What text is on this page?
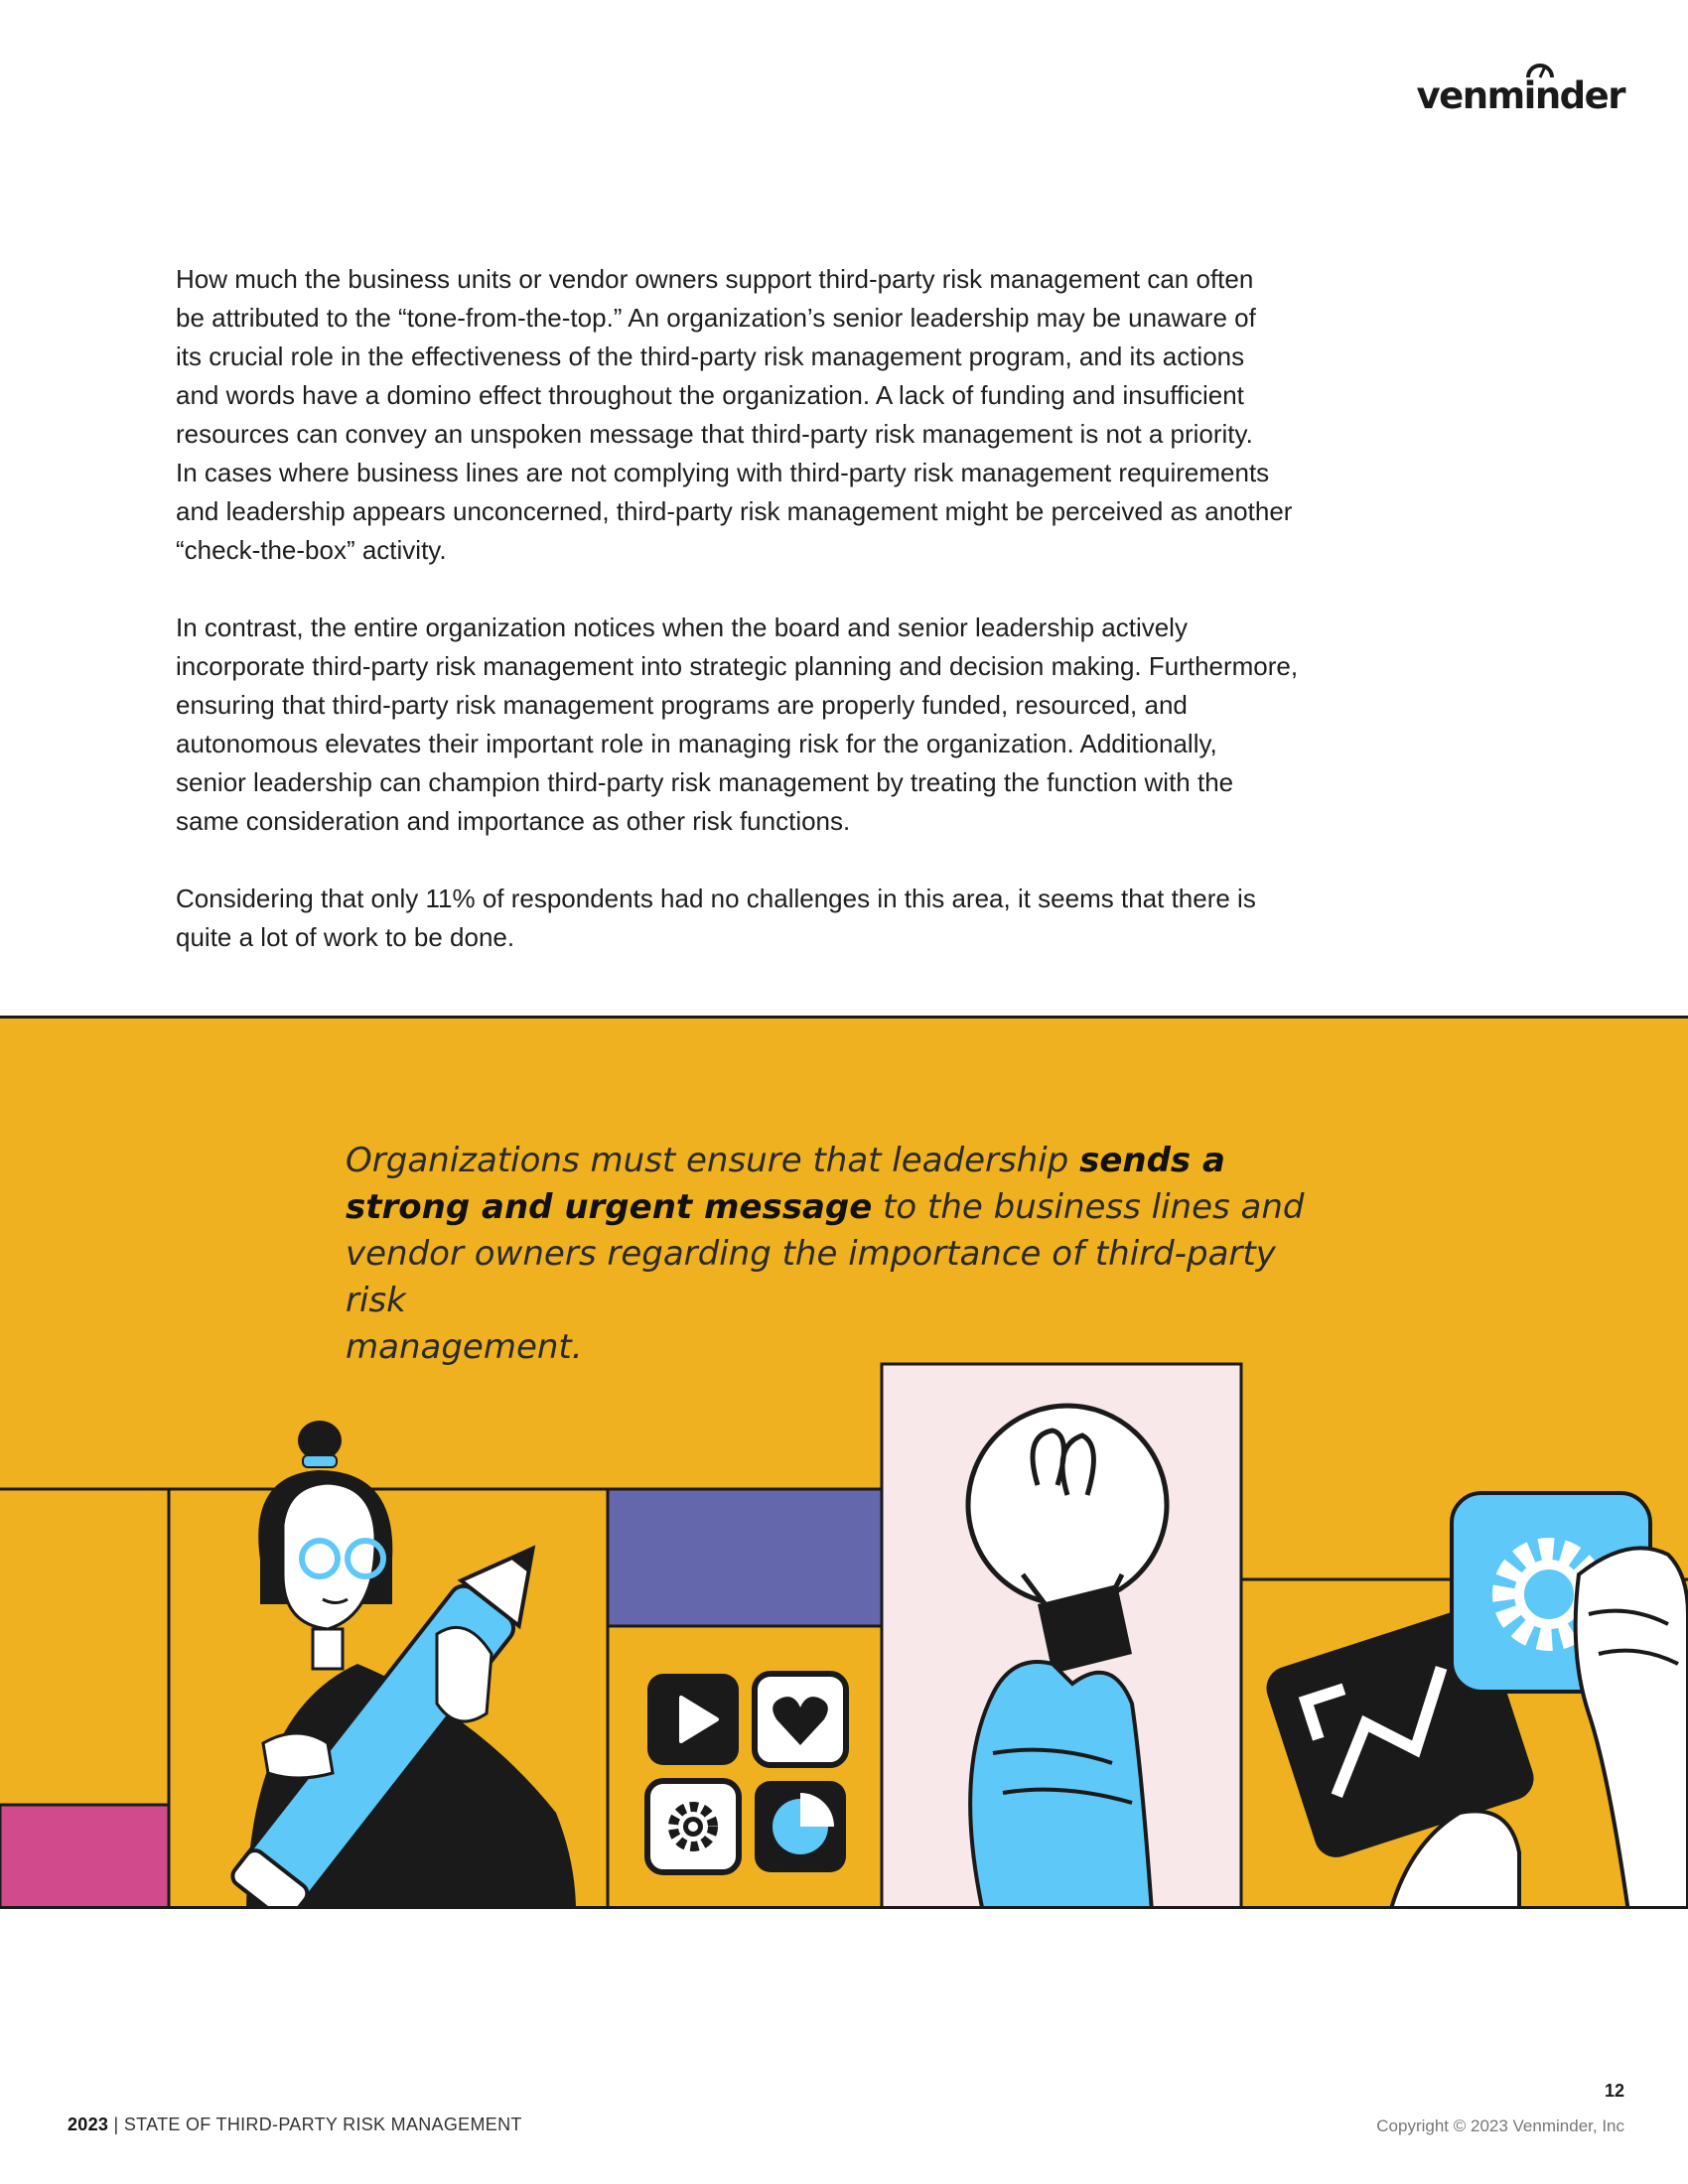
venminder

How much the business units or vendor owners support third-party risk management can often
be attributed to the “tone-from-the-top.” An organization’s senior leadership may be unaware of
its crucial role in the effectiveness of the third-party risk management program, and its actions
and words have a domino effect throughout the organization. A lack of funding and insufficient
resources can convey an unspoken message that third-party risk management is not a priority.
In cases where business lines are not complying with third-party risk management requirements
and leadership appears unconcerned, third-party risk management might be perceived as another
“check-the-box” activity.

In contrast, the entire organization notices when the board and senior leadership actively
incorporate third-party risk management into strategic planning and decision making. Furthermore,
ensuring that third-party risk management programs are properly funded, resourced, and
autonomous elevates their important role in managing risk for the organization. Additionally,
senior leadership can champion third-party risk management by treating the function with the
same consideration and importance as other risk functions.

Considering that only 11% of respondents had no challenges in this area, it seems that there is
quite a lot of work to be done.

Organizations must ensure that leadership sends a
strong and urgent message to the business lines and
vendor owners regarding the importance of third-party risk
management.
12
2023 | STATE OF THIRD-PARTY RISK MANAGEMENT	Copyright © 2023 Venminder, Inc
